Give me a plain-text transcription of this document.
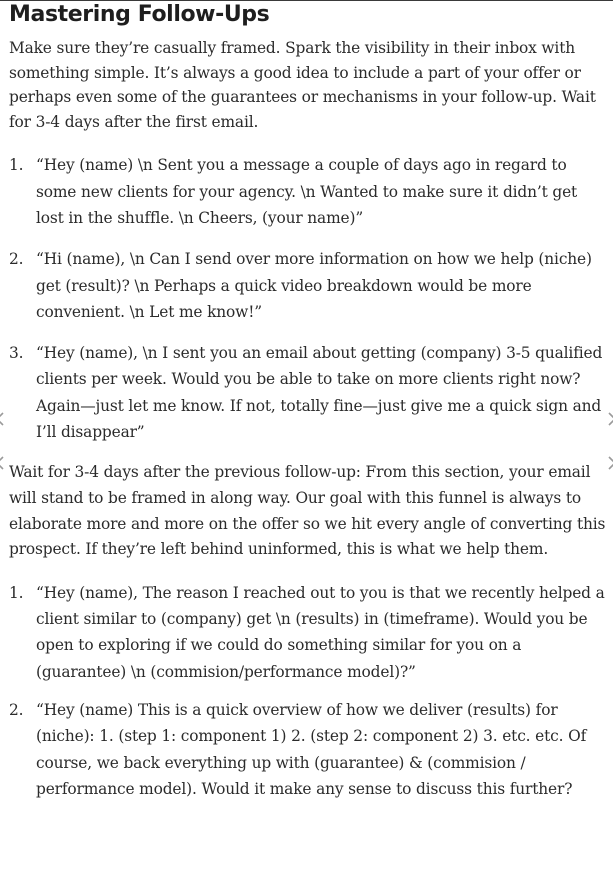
Mastering Follow-Ups

Make sure they’re casually framed. Spark the visibility in their inbox with something simple. It’s always a good idea to include a part of your offer or perhaps even some of the guarantees or mechanisms in your follow-up. Wait for 3-4 days after the first email.

1. “Hey (name) \n Sent you a message a couple of days ago in regard to some new clients for your agency. \n Wanted to make sure it didn’t get lost in the shuffle. \n Cheers, (your name)”
2. “Hi (name), \n Can I send over more information on how we help (niche) get (result)? \n Perhaps a quick video breakdown would be more convenient. \n Let me know!”
3. “Hey (name), \n I sent you an email about getting (company) 3-5 qualified clients per week. Would you be able to take on more clients right now? Again—just let me know. If not, totally fine—just give me a quick sign and I’ll disappear”

Wait for 3-4 days after the previous follow-up: From this section, your email will stand to be framed in along way. Our goal with this funnel is always to elaborate more and more on the offer so we hit every angle of converting this prospect. If they’re left behind uninformed, this is what we help them.

1. “Hey (name), The reason I reached out to you is that we recently helped a client similar to (company) get \n (results) in (timeframe). Would you be open to exploring if we could do something similar for you on a (guarantee) \n (commision/performance model)?”
2. “Hey (name) This is a quick overview of how we deliver (results) for (niche): 1. (step 1: component 1) 2. (step 2: component 2) 3. etc. etc. Of course, we back everything up with (guarantee) & (commision / performance model). Would it make any sense to discuss this further?
